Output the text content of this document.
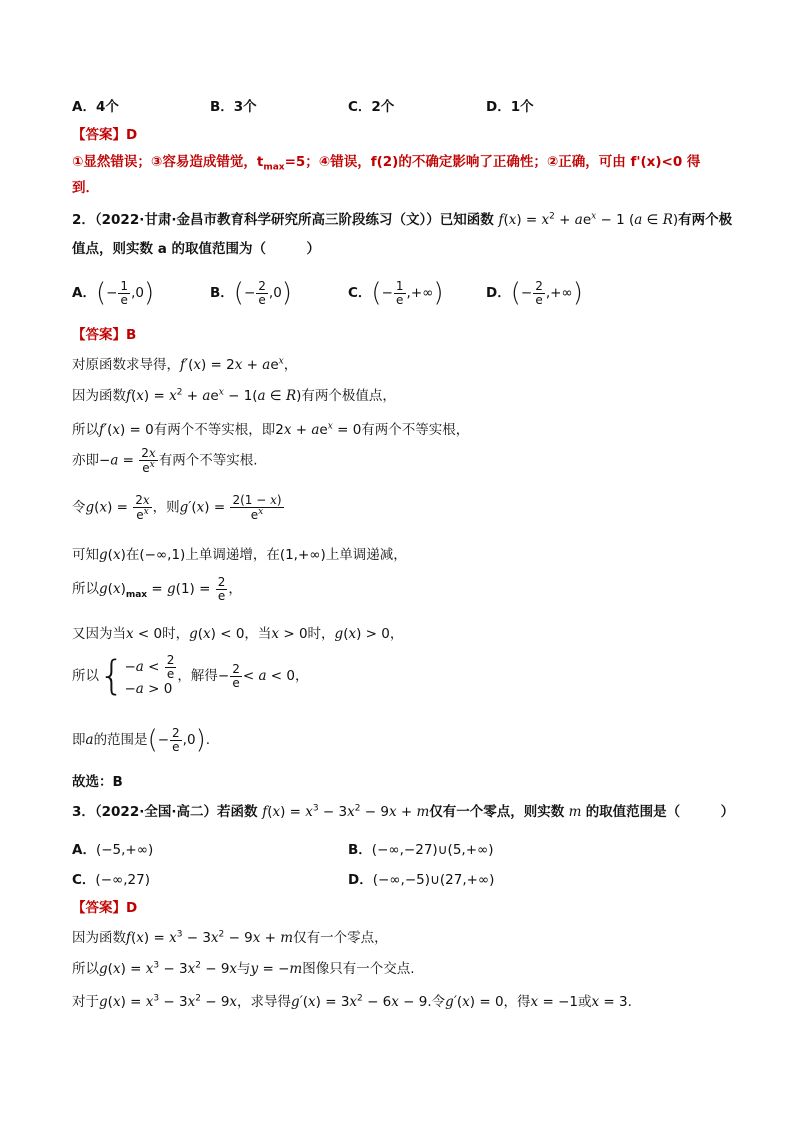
A．4个	B．3个	C．2个	D．1个
【答案】D
①显然错误；③容易造成错觉，$t_{max}=5$；④错误，f(2)的不确定影响了正确性；②正确，可由 f'(x)<0 得
到．
2．（2022·甘肃·金昌市教育科学研究所高三阶段练习（文））已知函数 $f(x) = x^2 + ae^x - 1$ (a ∈ R)有两个极
值点，则实数 a 的取值范围为（　　　）
A．(− $\frac{1}{e} ,0$)	B．(− $\frac{2}{e} ,0$)	C．(− $\frac{1}{e}$ ,+∞)	D．(− $\frac{2}{e}$ ,+∞)
【答案】B
对原函数求导得，$f'(x) = 2x + ae^x$，
因为函数$f(x) = x^2 + ae^x - 1(a$ ∈ R)有两个极值点，
所以f′(x) = 0有两个不等实根，即$2x + ae^x = 0$有两个不等实根，
亦即$-a = \frac{2x}{e^x}$ 有两个不等实根.
令$g(x) = \frac{2x}{e^x}$ ，则$g'(x) = \frac{2(1 - x)}{e^x}$
可知g(x)在(−∞,1)上单调递增，在(1,+∞)上单调递减，
所以$g(x)_{max} = g(1) = \frac{2}{e}$ ，
又因为当x < 0时，g(x) < 0，当x > 0时，g(x) > 0，
所以{ $-a < \frac{2}{e}$
−a > 0
，解得− $\frac{2}{e} < a < 0$，
即a的范围是(− $\frac{2}{e} ,0$).
故选：B
3．（2022·全国·高二）若函数 $f(x) = x^3 - 3x^2 - 9x + m$仅有一个零点，则实数 m 的取值范围是（　　　）
A．(−5,+∞)	B．(−∞,−27)∪(5,+∞)
C．(−∞,27)	D．(−∞,−5)∪(27,+∞)
【答案】D
因为函数$f(x) = x^3 - 3x^2 - 9x + m$仅有一个零点，
所以$g(x) = x^3 - 3x^2 - 9x$与y = −m图像只有一个交点.
对于$g(x) = x^3 - 3x^2 - 9x$，求导得$g'(x) = 3x^2 - 6x - 9$.令g′(x) = 0，得x = −1或x = 3.
